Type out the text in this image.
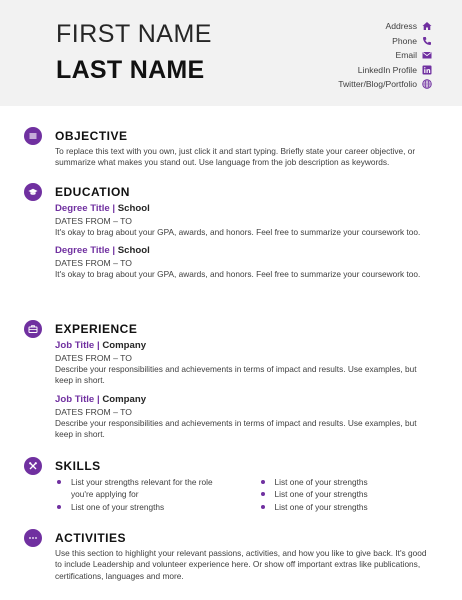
FIRST NAME
LAST NAME
Address
Phone
Email
LinkedIn Profile
Twitter/Blog/Portfolio
OBJECTIVE

To replace this text with you own, just click it and start typing. Briefly state your career objective, or summarize what makes you stand out. Use language from the job description as keywords.

EDUCATION
Degree Title | School
DATES FROM – TO

It's okay to brag about your GPA, awards, and honors. Feel free to summarize your coursework too.

Degree Title | School
DATES FROM – TO

It's okay to brag about your GPA, awards, and honors. Feel free to summarize your coursework too.

EXPERIENCE
Job Title | Company
DATES FROM – TO

Describe your responsibilities and achievements in terms of impact and results. Use examples, but keep in short.

Job Title | Company
DATES FROM – TO

Describe your responsibilities and achievements in terms of impact and results. Use examples, but keep in short.

SKILLS
List your strengths relevant for the role you're applying for
List one of your strengths
List one of your strengths
List one of your strengths
List one of your strengths
ACTIVITIES

Use this section to highlight your relevant passions, activities, and how you like to give back. It's good to include Leadership and volunteer experience here. Or show off important extras like publications, certifications, languages and more.
